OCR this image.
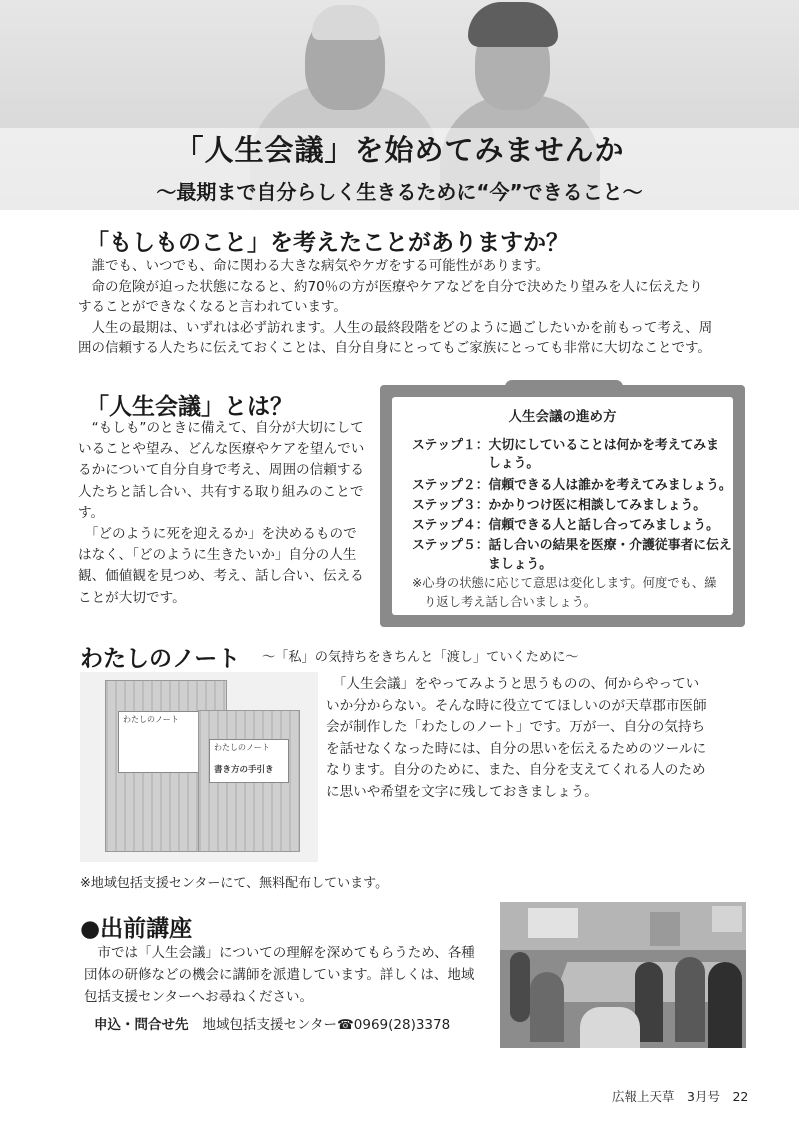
「人生会議」を始めてみませんか
～最期まで自分らしく生きるために“今”できること～
「もしものこと」を考えたことがありますか？
　誰でも、いつでも、命に関わる大きな病気やケガをする可能性があります。
　命の危険が迫った状態になると、約70％の方が医療やケアなどを自分で決めたり望みを人に伝えたり
することができなくなると言われています。
　人生の最期は、いずれは必ず訪れます。人生の最終段階をどのように過ごしたいかを前もって考え、周
囲の信頼する人たちに伝えておくことは、自分自身にとってもご家族にとっても非常に大切なことです。
「人生会議」とは？
　“もしも”のときに備えて、自分が大切にして
いることや望み、どんな医療やケアを望んでい
るかについて自分自身で考え、周囲の信頼する
人たちと話し合い、共有する取り組みのことで
す。
　「どのように死を迎えるか」を決めるもので
はなく、「どのように生きたいか」自分の人生
観、価値観を見つめ、考え、話し合い、伝える
ことが大切です。
人生会議の進め方
ステップ１：大切にしていることは何かを考えてみま
しょう。
ステップ２：信頼できる人は誰かを考えてみましょう。
ステップ３：かかりつけ医に相談してみましょう。
ステップ４：信頼できる人と話し合ってみましょう。
ステップ５：話し合いの結果を医療・介護従事者に伝え
ましょう。
※心身の状態に応じて意思は変化します。何度でも、繰
り返し考え話し合いましょう。
わたしのノート ～「私」の気持ちをきちんと「渡し」ていくために～
わたしのノート
わたしのノート
書き方の手引き
　「人生会議」をやってみようと思うものの、何からやってい
いか分からない。そんな時に役立ててほしいのが天草郡市医師
会が制作した「わたしのノート」です。万が一、自分の気持ち
を話せなくなった時には、自分の思いを伝えるためのツールに
なります。自分のために、また、自分を支えてくれる人のため
に思いや希望を文字に残しておきましょう。
※地域包括支援センターにて、無料配布しています。
●出前講座
　市では「人生会議」についての理解を深めてもらうため、各種
団体の研修などの機会に講師を派遣しています。詳しくは、地域
包括支援センターへお尋ねください。
申込・問合せ先 地域包括支援センター☎0969(28)3378
広報上天草　3月号　22
